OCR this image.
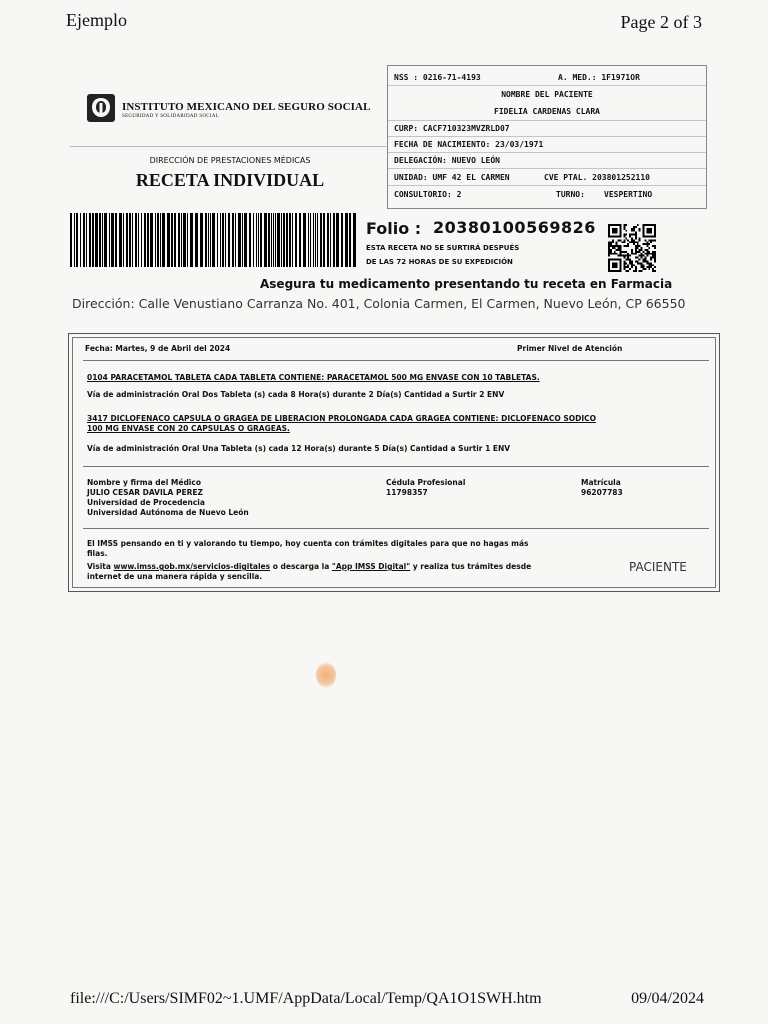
Ejemplo	Page 2 of 3
INSTITUTO MEXICANO DEL SEGURO SOCIAL
SEGURIDAD Y SOLIDARIDAD SOCIAL
DIRECCIÓN DE PRESTACIONES MÉDICAS
RECETA INDIVIDUAL
NSS : 0216-71-4193	A. MED.: 1F1971OR
NOMBRE DEL PACIENTE
FIDELIA CARDENAS CLARA
CURP: CACF710323MVZRLD07
FECHA DE NACIMIENTO: 23/03/1971
DELEGACIÓN: NUEVO LEÓN
UNIDAD: UMF 42 EL CARMEN	CVE PTAL. 203801252110
CONSULTORIO: 2	TURNO: VESPERTINO
Folio : 20380100569826
ESTA RECETA NO SE SURTIRÁ DESPUÉS
DE LAS 72 HORAS DE SU EXPEDICIÓN
Asegura tu medicamento presentando tu receta en Farmacia
Dirección: Calle Venustiano Carranza No. 401, Colonia Carmen, El Carmen, Nuevo León, CP 66550
Fecha: Martes, 9 de Abril del 2024	Primer Nivel de Atención
0104 PARACETAMOL TABLETA CADA TABLETA CONTIENE: PARACETAMOL 500 MG ENVASE CON 10 TABLETAS.
Vía de administración Oral Dos Tableta (s) cada 8 Hora(s) durante 2 Día(s) Cantidad a Surtir 2 ENV
3417 DICLOFENACO CAPSULA O GRAGEA DE LIBERACION PROLONGADA CADA GRAGEA CONTIENE: DICLOFENACO SODICO
100 MG ENVASE CON 20 CAPSULAS O GRAGEAS.
Vía de administración Oral Una Tableta (s) cada 12 Hora(s) durante 5 Día(s) Cantidad a Surtir 1 ENV
Nombre y firma del Médico
JULIO CESAR DAVILA PEREZ
Universidad de Procedencia
Universidad Autónoma de Nuevo León
Cédula Profesional
11798357
Matrícula
96207783
El IMSS pensando en ti y valorando tu tiempo, hoy cuenta con trámites digitales para que no hagas más
filas.
Visita www.imss.gob.mx/servicios-digitales o descarga la "App IMSS Digital" y realiza tus trámites desde
internet de una manera rápida y sencilla.
PACIENTE
file:///C:/Users/SIMF02~1.UMF/AppData/Local/Temp/QA1O1SWH.htm	09/04/2024
